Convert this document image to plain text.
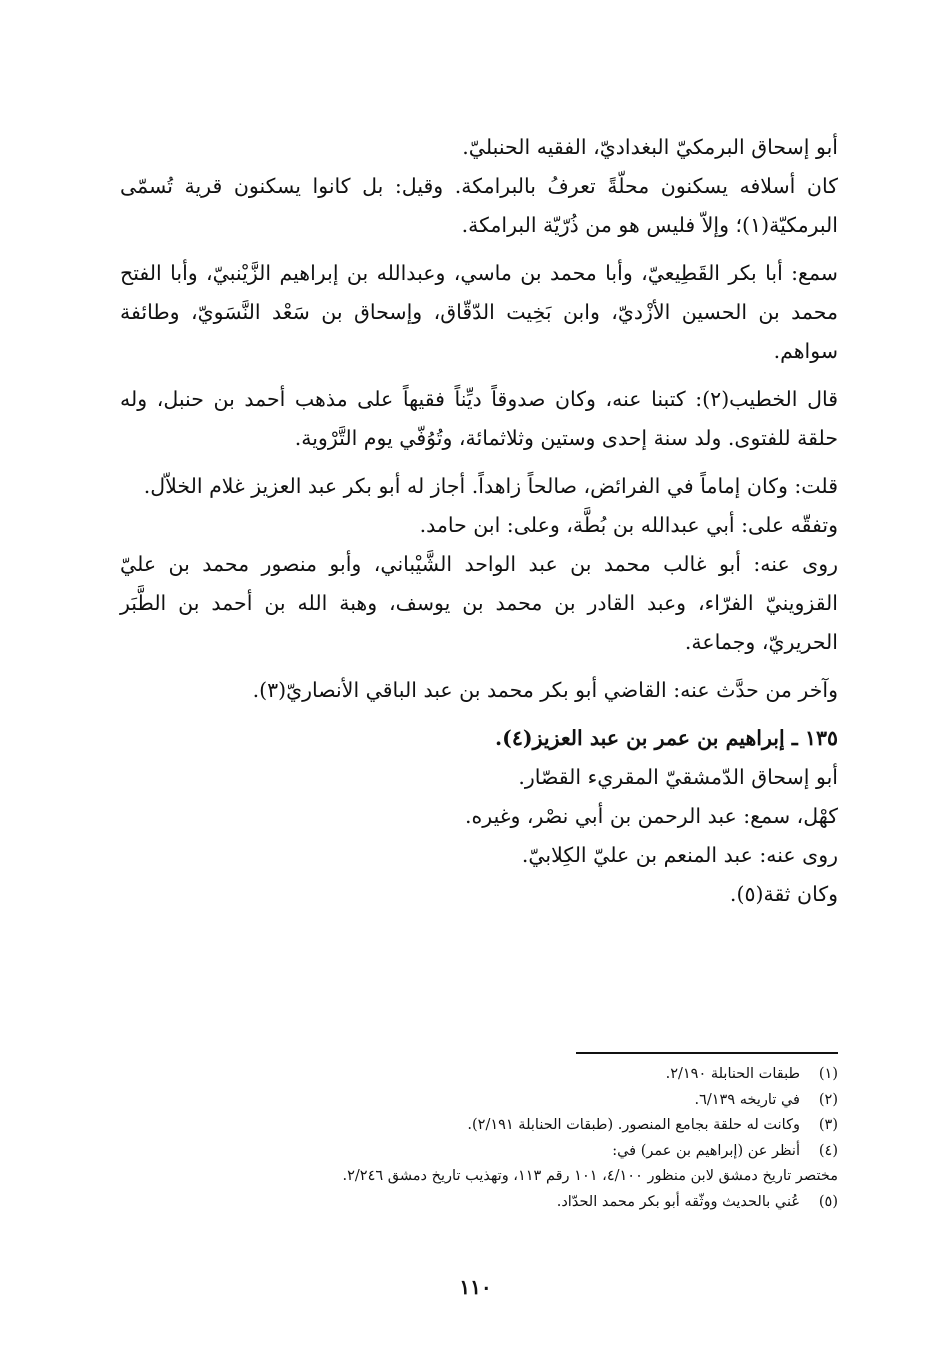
أبو إسحاق البرمكيّ البغداديّ، الفقيه الحنبليّ.

كان أسلافه يسكنون محلّةً تعرفُ بالبرامكة. وقيل: بل كانوا يسكنون قرية تُسمّى البرمكيّة(١)؛ وإلاّ فليس هو من ذُرّيّة البرامكة.

سمع: أبا بكر القَطِيعيّ، وأبا محمد بن ماسي، وعبدالله بن إبراهيم الزَّيْنبيّ، وأبا الفتح محمد بن الحسين الأزْديّ، وابن بَخِيت الدّقّاق، وإسحاق بن سَعْد النَّسَويّ، وطائفة سواهم.

قال الخطيب(٢): كتبنا عنه، وكان صدوقاً ديِّناً فقيهاً على مذهب أحمد بن حنبل، وله حلقة للفتوى. ولد سنة إحدى وستين وثلاثمائة، وتُوُفّي يوم التَّرْوية.

قلت: وكان إماماً في الفرائض، صالحاً زاهداً. أجاز له أبو بكر عبد العزيز غلام الخلاّل.

وتفقّه على: أبي عبدالله بن بُطَّة، وعلى: ابن حامد.

روى عنه: أبو غالب محمد بن عبد الواحد الشَّيْباني، وأبو منصور محمد بن عليّ القزوينيّ الفرّاء، وعبد القادر بن محمد بن يوسف، وهبة الله بن أحمد بن الطَّبَر الحريريّ، وجماعة.

وآخر من حدَّث عنه: القاضي أبو بكر محمد بن عبد الباقي الأنصاريّ(٣).

١٣٥ ـ إبراهيم بن عمر بن عبد العزيز(٤).

أبو إسحاق الدّمشقيّ المقريء القصّار.

كهْل، سمع: عبد الرحمن بن أبي نصْر، وغيره.

روى عنه: عبد المنعم بن عليّ الكِلابيّ.

وكان ثقة(٥).

(١)
طبقات الحنابلة ٢/١٩٠.
(٢)
في تاريخه ٦/١٣٩.
(٣)
وكانت له حلقة بجامع المنصور. (طبقات الحنابلة ٢/١٩١).
(٤)
أنظر عن (إبراهيم بن عمر) في:
مختصر تاريخ دمشق لابن منظور ٤/١٠٠، ١٠١ رقم ١١٣، وتهذيب تاريخ دمشق ٢/٢٤٦.
(٥)
عُني بالحديث ووثّقه أبو بكر محمد الحدّاد.
١١٠
